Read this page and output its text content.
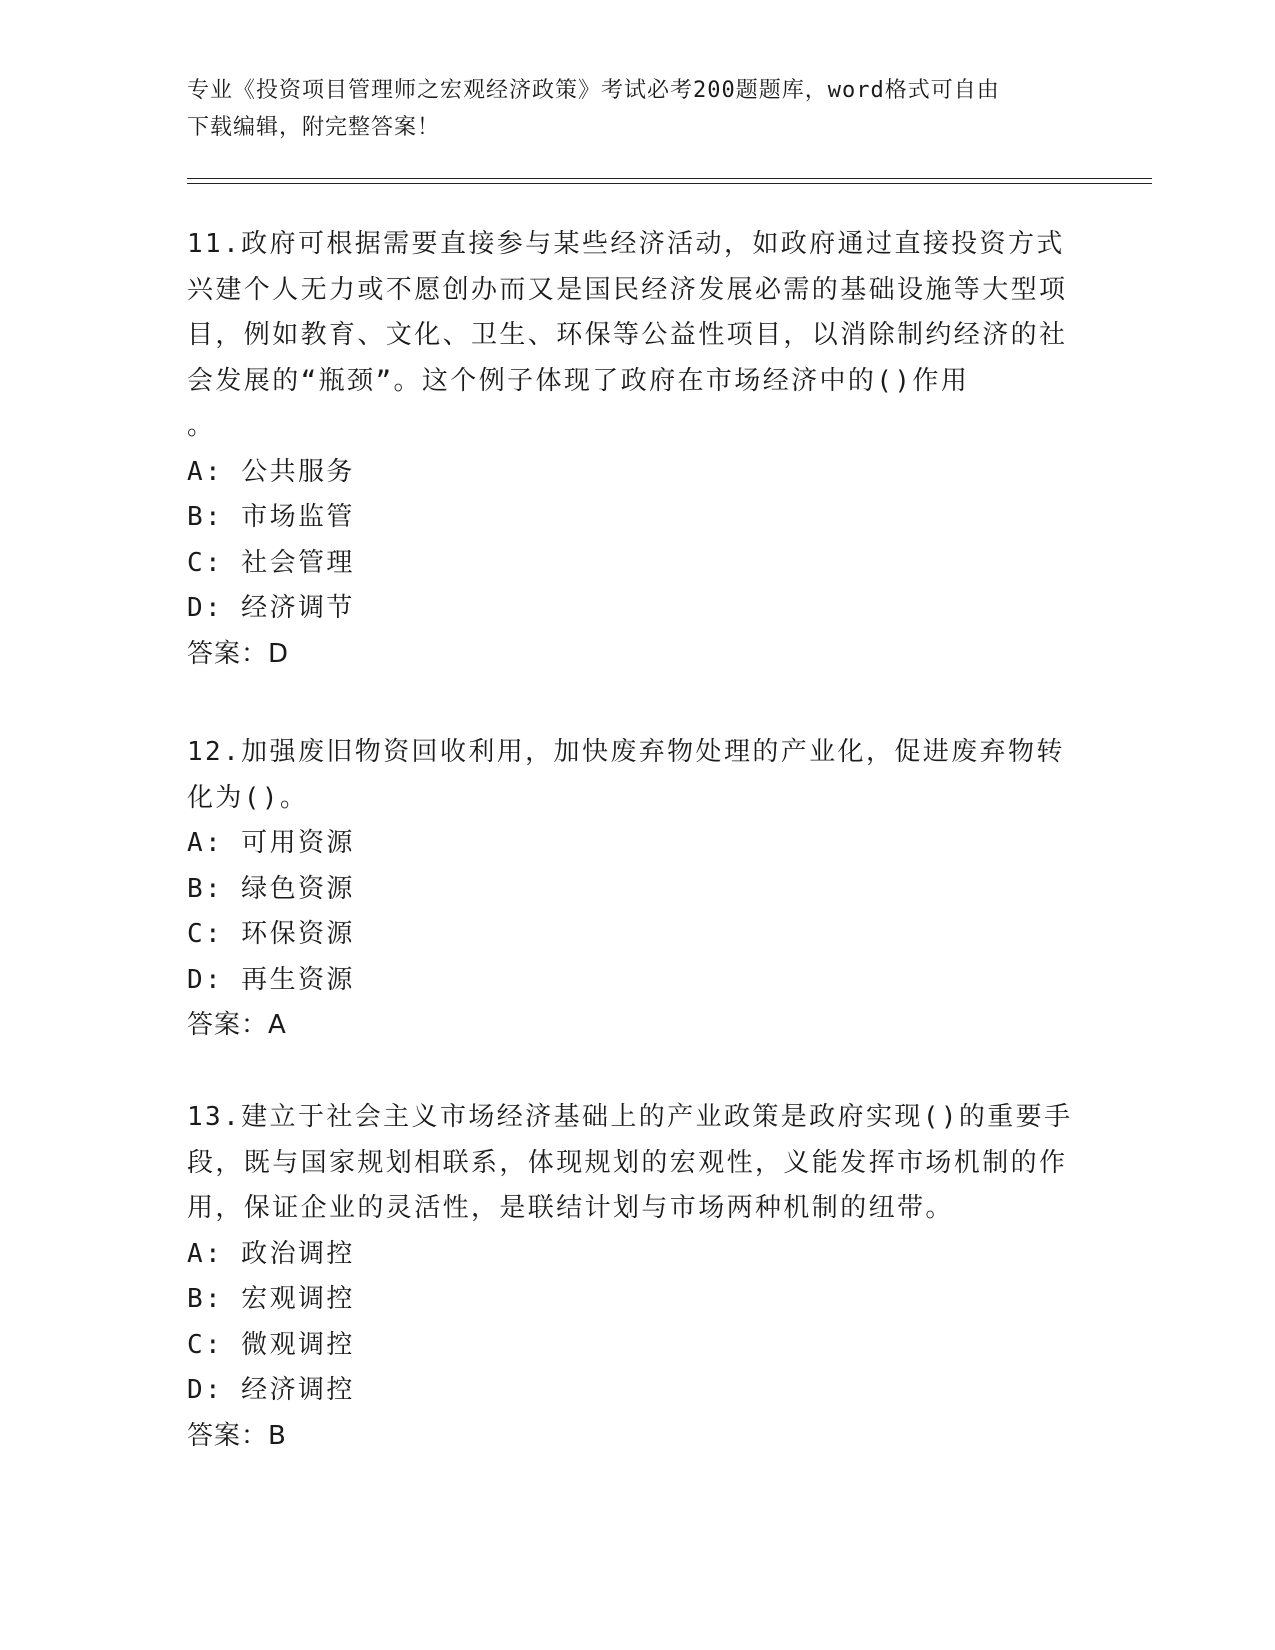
专业《投资项目管理师之宏观经济政策》考试必考200题题库，word格式可自由
下载编辑，附完整答案！
11.政府可根据需要直接参与某些经济活动，如政府通过直接投资方式兴建个人无力或不愿创办而又是国民经济发展必需的基础设施等大型项目，例如教育、文化、卫生、环保等公益性项目，以消除制约经济的社会发展的“瓶颈”。这个例子体现了政府在市场经济中的()作用
。
A: 公共服务
B: 市场监管
C: 社会管理
D: 经济调节
答案：D
12.加强废旧物资回收利用，加快废弃物处理的产业化，促进废弃物转化为()。
A: 可用资源
B: 绿色资源
C: 环保资源
D: 再生资源
答案：A
13.建立于社会主义市场经济基础上的产业政策是政府实现()的重要手段，既与国家规划相联系，体现规划的宏观性，义能发挥市场机制的作用，保证企业的灵活性，是联结计划与市场两种机制的纽带。
A: 政治调控
B: 宏观调控
C: 微观调控
D: 经济调控
答案：B
